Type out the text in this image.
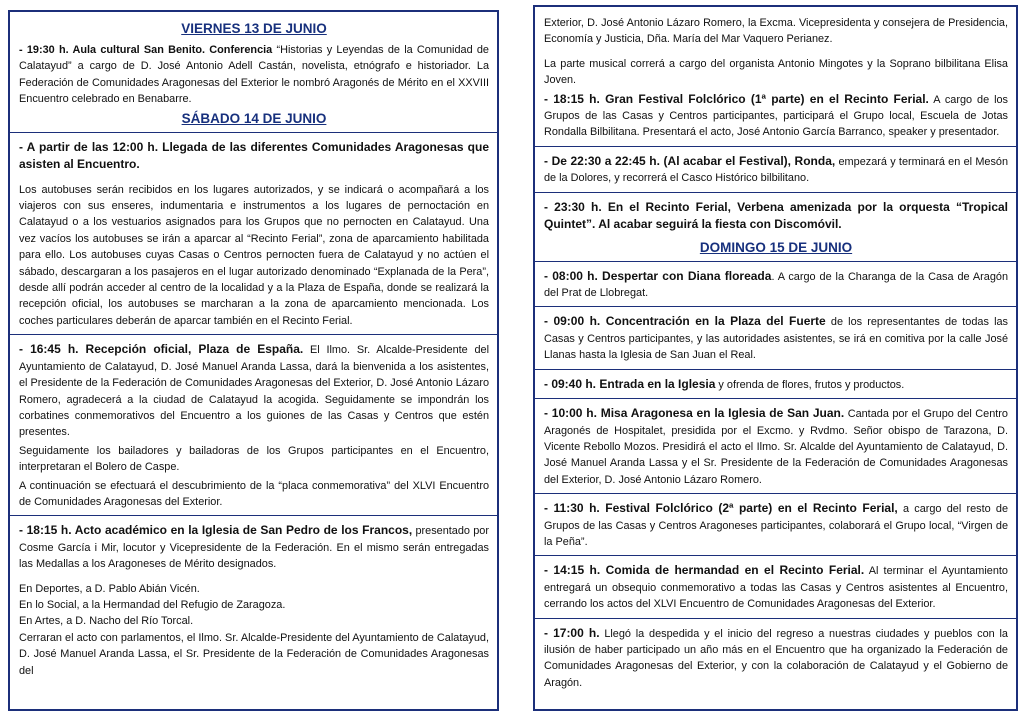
VIERNES 13 DE JUNIO

- 19:30 h. Aula cultural San Benito. Conferencia “Historias y Leyendas de la Comunidad de Calatayud” a cargo de D. José Antonio Adell Castán, novelista, etnógrafo e historiador. La Federación de Comunidades Aragonesas del Exterior le nombró Aragonés de Mérito en el XXVIII Encuentro celebrado en Benabarre.

SÁBADO 14 DE JUNIO

- A partir de las 12:00 h. Llegada de las diferentes Comunidades Aragonesas que asisten al Encuentro.

Los autobuses serán recibidos en los lugares autorizados, y se indicará o acompañará a los viajeros con sus enseres, indumentaria e instrumentos a los lugares de pernoctación en Calatayud o a los vestuarios asignados para los Grupos que no pernocten en Calatayud. Una vez vacíos los autobuses se irán a aparcar al “Recinto Ferial”, zona de aparcamiento habilitada para ello. Los autobuses cuyas Casas o Centros pernocten fuera de Calatayud y no actúen el sábado, descargaran a los pasajeros en el lugar autorizado denominado “Explanada de la Pera”, desde allí podrán acceder al centro de la localidad y a la Plaza de España, donde se realizará la recepción oficial, los autobuses se marcharan a la zona de aparcamiento mencionada. Los coches particulares deberán de aparcar también en el Recinto Ferial.

- 16:45 h. Recepción oficial, Plaza de España. El Ilmo. Sr. Alcalde-Presidente del Ayuntamiento de Calatayud, D. José Manuel Aranda Lassa, dará la bienvenida a los asistentes, el Presidente de la Federación de Comunidades Aragonesas del Exterior, D. José Antonio Lázaro Romero, agradecerá a la ciudad de Calatayud la acogida. Seguidamente se impondrán los corbatines conmemorativos del Encuentro a los guiones de las Casas y Centros que estén presentes.

Seguidamente los bailadores y bailadoras de los Grupos participantes en el Encuentro, interpretaran el Bolero de Caspe.

A continuación se efectuará el descubrimiento de la “placa conmemorativa” del XLVI Encuentro de Comunidades Aragonesas del Exterior.

- 18:15 h. Acto académico en la Iglesia de San Pedro de los Francos, presentado por Cosme García i Mir, locutor y Vicepresidente de la Federación. En el mismo serán entregadas las Medallas a los Aragoneses de Mérito designados.

En Deportes, a D. Pablo Abián Vicén.

En lo Social, a la Hermandad del Refugio de Zaragoza.

En Artes, a D. Nacho del Río Torcal.

Cerraran el acto con parlamentos, el Ilmo. Sr. Alcalde-Presidente del Ayuntamiento de Calatayud, D. José Manuel Aranda Lassa, el Sr. Presidente de la Federación de Comunidades Aragonesas del

Exterior, D. José Antonio Lázaro Romero, la Excma. Vicepresidenta y consejera de Presidencia, Economía y Justicia, Dña. María del Mar Vaquero Perianez.

La parte musical correrá a cargo del organista Antonio Mingotes y la Soprano bilbilitana Elisa Joven.

- 18:15 h. Gran Festival Folclórico (1ª parte) en el Recinto Ferial. A cargo de los Grupos de las Casas y Centros participantes, participará el Grupo local, Escuela de Jotas Rondalla Bilbilitana. Presentará el acto, José Antonio García Barranco, speaker y presentador.

- De 22:30 a 22:45 h. (Al acabar el Festival), Ronda, empezará y terminará en el Mesón de la Dolores, y recorrerá el Casco Histórico bilbilitano.

- 23:30 h. En el Recinto Ferial, Verbena amenizada por la orquesta “Tropical Quintet”. Al acabar seguirá la fiesta con Discomóvil.

DOMINGO 15 DE JUNIO

- 08:00 h. Despertar con Diana floreada. A cargo de la Charanga de la Casa de Aragón del Prat de Llobregat.

- 09:00 h. Concentración en la Plaza del Fuerte de los representantes de todas las Casas y Centros participantes, y las autoridades asistentes, se irá en comitiva por la calle José Llanas hasta la Iglesia de San Juan el Real.

- 09:40 h. Entrada en la Iglesia y ofrenda de flores, frutos y productos.

- 10:00 h. Misa Aragonesa en la Iglesia de San Juan. Cantada por el Grupo del Centro Aragonés de Hospitalet, presidida por el Excmo. y Rvdmo. Señor obispo de Tarazona, D. Vicente Rebollo Mozos. Presidirá el acto el Ilmo. Sr. Alcalde del Ayuntamiento de Calatayud, D. José Manuel Aranda Lassa y el Sr. Presidente de la Federación de Comunidades Aragonesas del Exterior, D. José Antonio Lázaro Romero.

- 11:30 h. Festival Folclórico (2ª parte) en el Recinto Ferial, a cargo del resto de Grupos de las Casas y Centros Aragoneses participantes, colaborará el Grupo local, “Virgen de la Peña”.

- 14:15 h. Comida de hermandad en el Recinto Ferial. Al terminar el Ayuntamiento entregará un obsequio conmemorativo a todas las Casas y Centros asistentes al Encuentro, cerrando los actos del XLVI Encuentro de Comunidades Aragonesas del Exterior.

- 17:00 h. Llegó la despedida y el inicio del regreso a nuestras ciudades y pueblos con la ilusión de haber participado un año más en el Encuentro que ha organizado la Federación de Comunidades Aragonesas del Exterior, y con la colaboración de Calatayud y el Gobierno de Aragón.
